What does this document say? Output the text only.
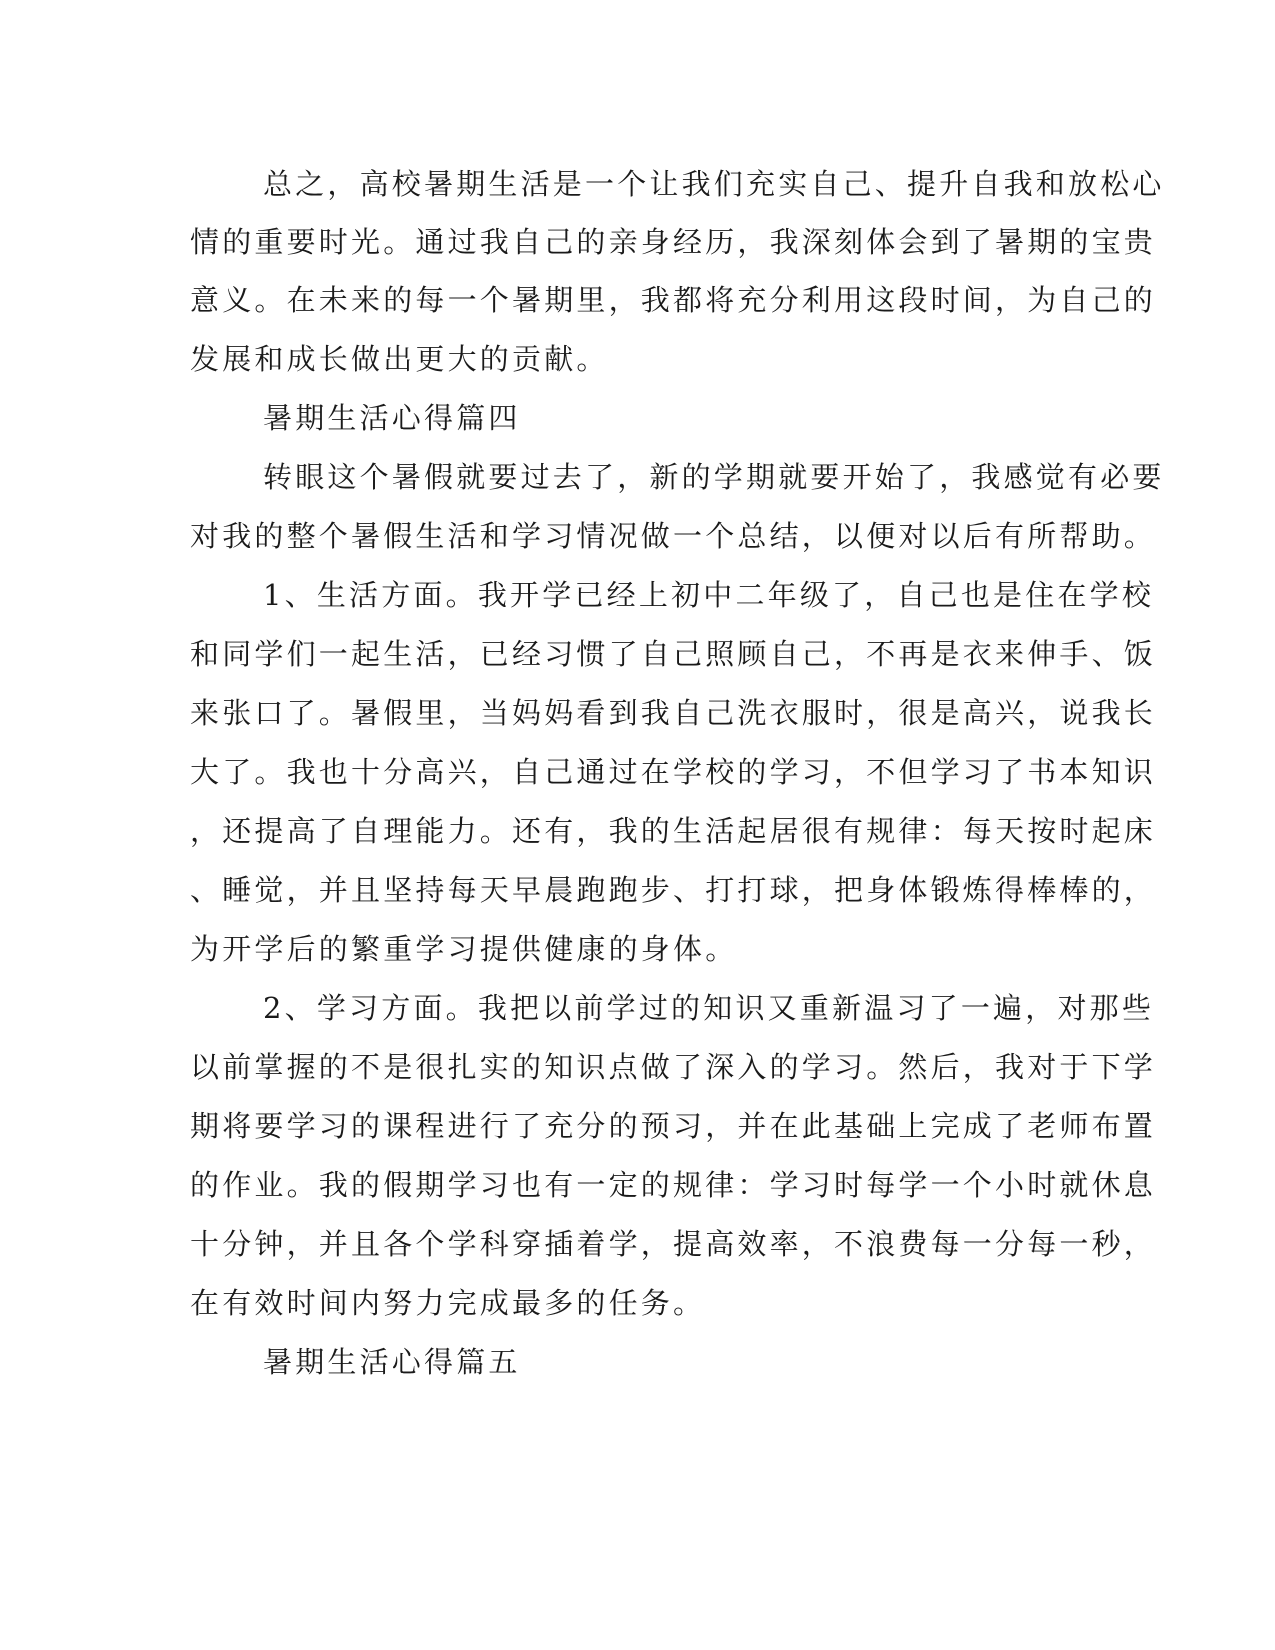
总之，高校暑期生活是一个让我们充实自己、提升自我和放松心
情的重要时光。通过我自己的亲身经历，我深刻体会到了暑期的宝贵
意义。在未来的每一个暑期里，我都将充分利用这段时间，为自己的
发展和成长做出更大的贡献。
暑期生活心得篇四
转眼这个暑假就要过去了，新的学期就要开始了，我感觉有必要
对我的整个暑假生活和学习情况做一个总结，以便对以后有所帮助。
1、生活方面。我开学已经上初中二年级了，自己也是住在学校
和同学们一起生活，已经习惯了自己照顾自己，不再是衣来伸手、饭
来张口了。暑假里，当妈妈看到我自己洗衣服时，很是高兴，说我长
大了。我也十分高兴，自己通过在学校的学习，不但学习了书本知识
，还提高了自理能力。还有，我的生活起居很有规律：每天按时起床
、睡觉，并且坚持每天早晨跑跑步、打打球，把身体锻炼得棒棒的，
为开学后的繁重学习提供健康的身体。
2、学习方面。我把以前学过的知识又重新温习了一遍，对那些
以前掌握的不是很扎实的知识点做了深入的学习。然后，我对于下学
期将要学习的课程进行了充分的预习，并在此基础上完成了老师布置
的作业。我的假期学习也有一定的规律：学习时每学一个小时就休息
十分钟，并且各个学科穿插着学，提高效率，不浪费每一分每一秒，
在有效时间内努力完成最多的任务。
暑期生活心得篇五
